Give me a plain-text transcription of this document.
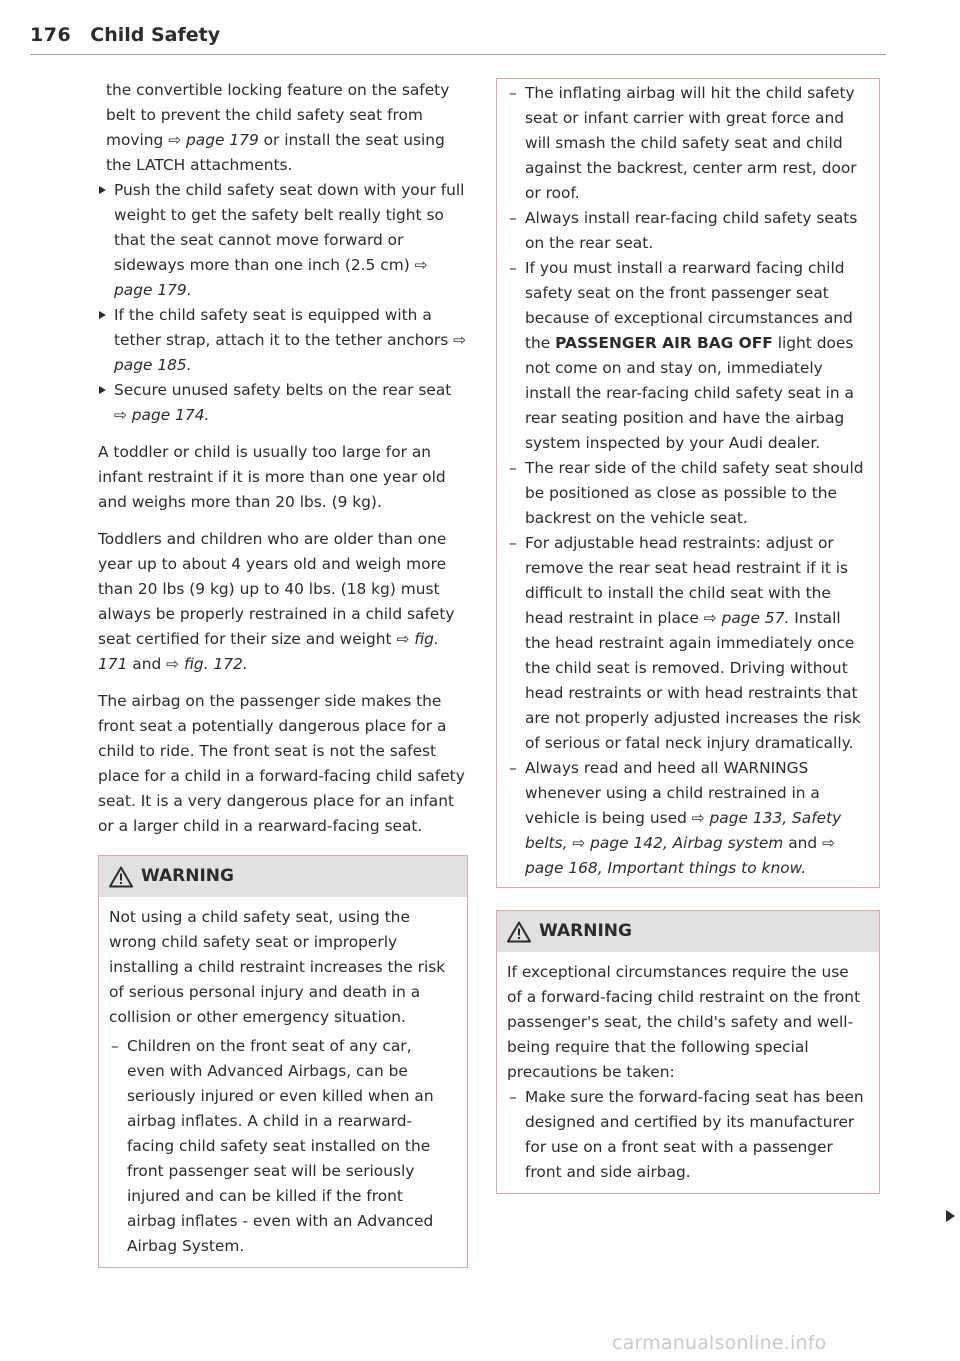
176 Child Safety

the convertible locking feature on the safety belt to prevent the child safety seat from moving ⇨ page 179 or install the seat using the LATCH attachments.

Push the child safety seat down with your full weight to get the safety belt really tight so that the seat cannot move forward or sideways more than one inch (2.5 cm) ⇨ page 179.

If the child safety seat is equipped with a tether strap, attach it to the tether anchors ⇨ page 185.

Secure unused safety belts on the rear seat ⇨ page 174.

A toddler or child is usually too large for an infant restraint if it is more than one year old and weighs more than 20 lbs. (9 kg).

Toddlers and children who are older than one year up to about 4 years old and weigh more than 20 lbs (9 kg) up to 40 lbs. (18 kg) must always be properly restrained in a child safety seat certified for their size and weight ⇨ fig. 171 and ⇨ fig. 172.

The airbag on the passenger side makes the front seat a potentially dangerous place for a child to ride. The front seat is not the safest place for a child in a forward-facing child safety seat. It is a very dangerous place for an infant or a larger child in a rearward-facing seat.

WARNING

Not using a child safety seat, using the wrong child safety seat or improperly installing a child restraint increases the risk of serious personal injury and death in a collision or other emergency situation.

– Children on the front seat of any car, even with Advanced Airbags, can be seriously injured or even killed when an airbag inflates. A child in a rearward-facing child safety seat installed on the front passenger seat will be seriously injured and can be killed if the front airbag inflates - even with an Advanced Airbag System.

– The inflating airbag will hit the child safety seat or infant carrier with great force and will smash the child safety seat and child against the backrest, center arm rest, door or roof.

– Always install rear-facing child safety seats on the rear seat.

– If you must install a rearward facing child safety seat on the front passenger seat because of exceptional circumstances and the PASSENGER AIR BAG OFF light does not come on and stay on, immediately install the rear-facing child safety seat in a rear seating position and have the airbag system inspected by your Audi dealer.

– The rear side of the child safety seat should be positioned as close as possible to the backrest on the vehicle seat.

– For adjustable head restraints: adjust or remove the rear seat head restraint if it is difficult to install the child seat with the head restraint in place ⇨ page 57. Install the head restraint again immediately once the child seat is removed. Driving without head restraints or with head restraints that are not properly adjusted increases the risk of serious or fatal neck injury dramatically.

– Always read and heed all WARNINGS whenever using a child restrained in a vehicle is being used ⇨ page 133, Safety belts, ⇨ page 142, Airbag system and ⇨ page 168, Important things to know.

WARNING

If exceptional circumstances require the use of a forward-facing child restraint on the front passenger's seat, the child's safety and well-being require that the following special precautions be taken:

– Make sure the forward-facing seat has been designed and certified by its manufacturer for use on a front seat with a passenger front and side airbag.

carmanualsonline.info
